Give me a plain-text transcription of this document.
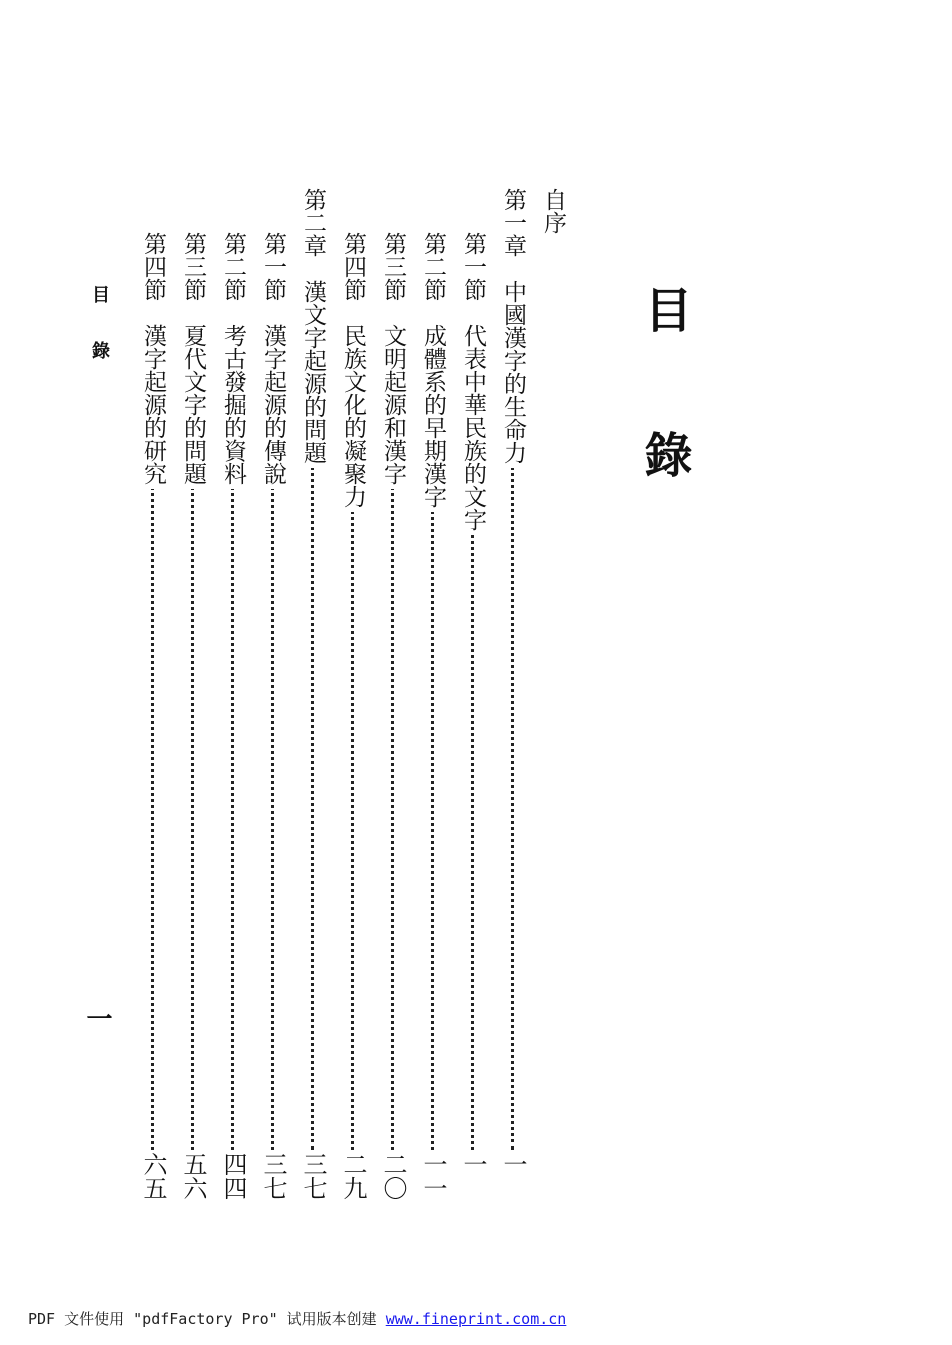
目 錄
目 錄
一
自序
第一章　中國漢字的生命力
一
第一節　代表中華民族的文字
一
第二節　成體系的早期漢字
一一
第三節　文明起源和漢字
二〇
第四節　民族文化的凝聚力
二九
第二章　漢文字起源的問題
三七
第一節　漢字起源的傳說
三七
第二節　考古發掘的資料
四四
第三節　夏代文字的問題
五六
第四節　漢字起源的研究
六五
PDF 文件使用 "pdfFactory Pro" 试用版本创建 www.fineprint.com.cn
